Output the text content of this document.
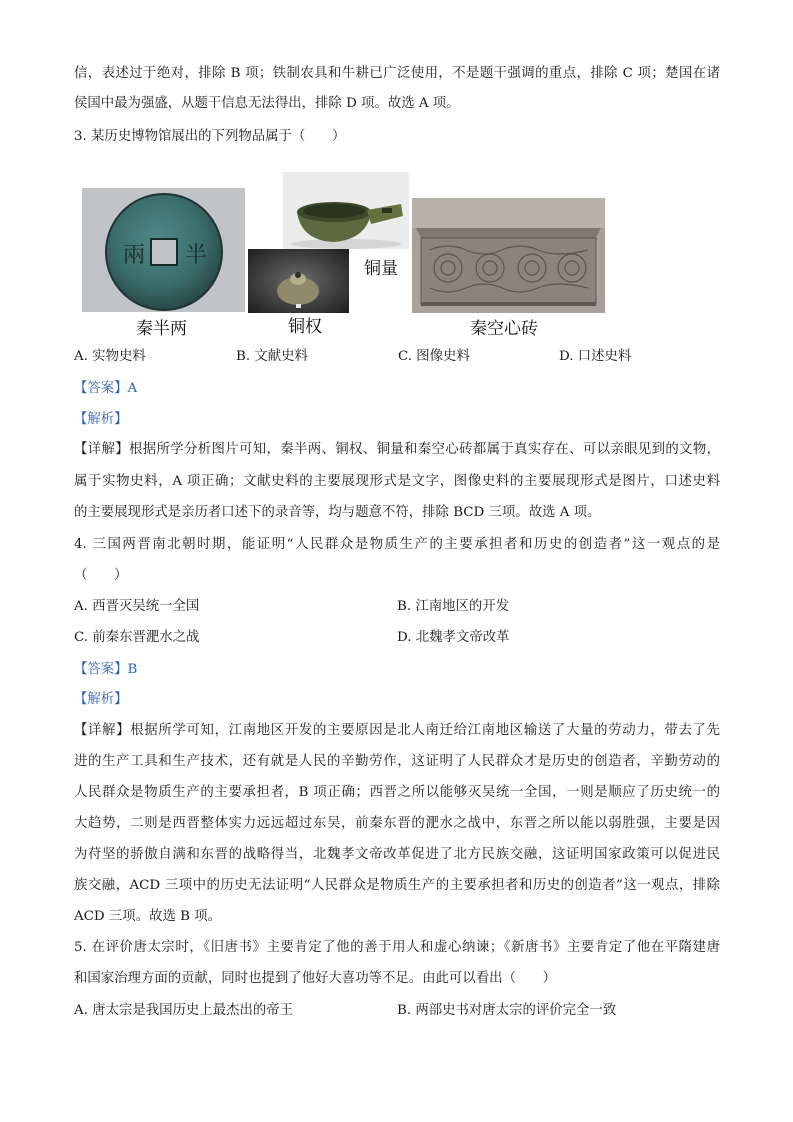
信，表述过于绝对，排除 B 项；铁制农具和牛耕已广泛使用，不是题干强调的重点，排除 C 项；楚国在诸
侯国中最为强盛，从题干信息无法得出，排除 D 项。故选 A 项。
3. 某历史博物馆展出的下列物品属于（　　）
兩 半
秦半两	铜权
铜量
秦空心砖
A. 实物史料	B. 文献史料	C. 图像史料	D. 口述史料
【答案】A
【解析】
【详解】根据所学分析图片可知，秦半两、铜权、铜量和秦空心砖都属于真实存在、可以亲眼见到的文物，
属于实物史料，A 项正确；文献史料的主要展现形式是文字，图像史料的主要展现形式是图片，口述史料
的主要展现形式是亲历者口述下的录音等，均与题意不符，排除 BCD 三项。故选 A 项。
4. 三国两晋南北朝时期，能证明“人民群众是物质生产的主要承担者和历史的创造者”这一观点的是
（　　）
A. 西晋灭吴统一全国	B. 江南地区的开发
C. 前秦东晋淝水之战	D. 北魏孝文帝改革
【答案】B
【解析】
【详解】根据所学可知，江南地区开发的主要原因是北人南迁给江南地区输送了大量的劳动力，带去了先
进的生产工具和生产技术，还有就是人民的辛勤劳作，这证明了人民群众才是历史的创造者，辛勤劳动的
人民群众是物质生产的主要承担者，B 项正确；西晋之所以能够灭吴统一全国，一则是顺应了历史统一的
大趋势，二则是西晋整体实力远远超过东吴，前秦东晋的淝水之战中，东晋之所以能以弱胜强，主要是因
为苻坚的骄傲自满和东晋的战略得当，北魏孝文帝改革促进了北方民族交融，这证明国家政策可以促进民
族交融，ACD 三项中的历史无法证明“人民群众是物质生产的主要承担者和历史的创造者”这一观点，排除
ACD 三项。故选 B 项。
5. 在评价唐太宗时，《旧唐书》主要肯定了他的善于用人和虚心纳谏；《新唐书》主要肯定了他在平隋建唐
和国家治理方面的贡献，同时也提到了他好大喜功等不足。由此可以看出（　　）
A. 唐太宗是我国历史上最杰出的帝王	B. 两部史书对唐太宗的评价完全一致
